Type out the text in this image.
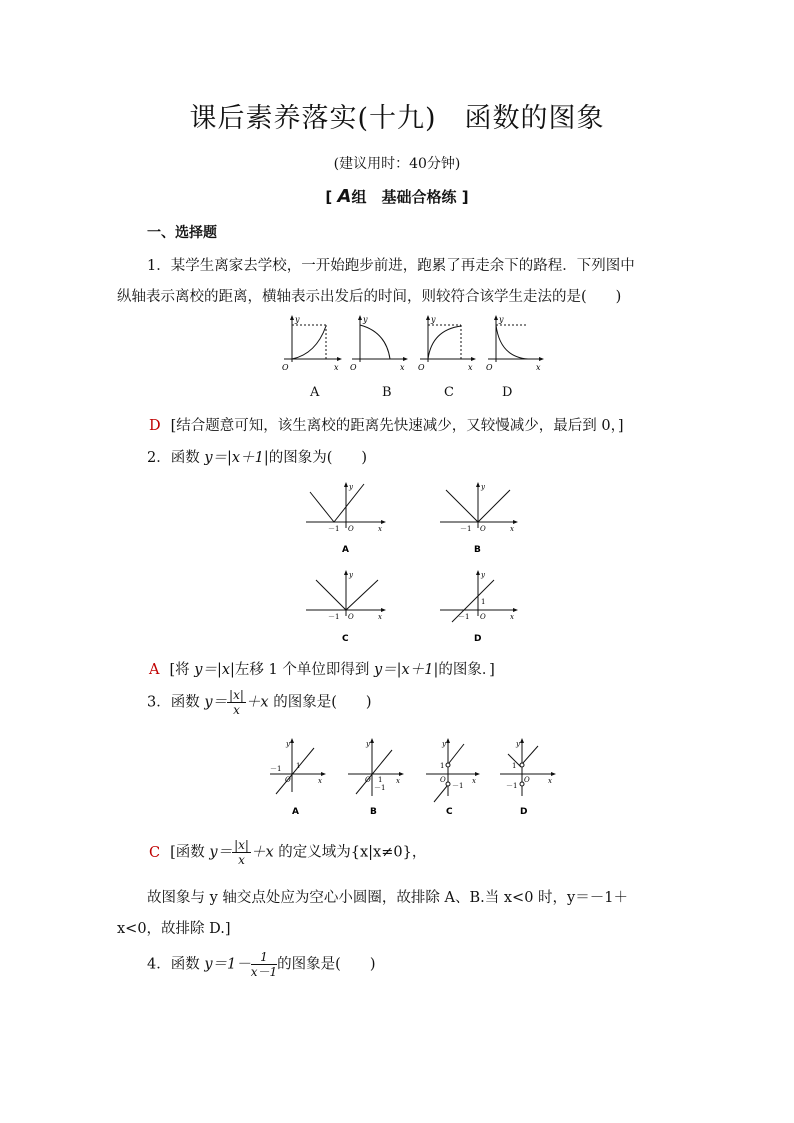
课后素养落实(十九)　函数的图象
(建议用时：40分钟)
[ A组　基础合格练 ]
一、选择题
1．某学生离家去学校，一开始跑步前进，跑累了再走余下的路程．下列图中
纵轴表示离校的距离，横轴表示出发后的时间，则较符合该学生走法的是(　　)
y
O	x
y
O	x
y
O	x
y
O	x
A	B	C	D
D [结合题意可知，该生离校的距离先快速减少，又较慢减少，最后到 0，]
2．函数 y＝|x＋1|的图象为(　　)
y
－1 O	x
A
y
－1 O	x
B
y
－1 O	x
C
y
1
－1 O	x
D
A [将 y＝|x|左移 1 个单位即得到 y＝|x＋1|的图象．]
3．函数 $y= \frac{|x|}{x} +x$ 的图象是(　　)
y
－1 1
O	x
A
y
O 1
－1
x
B
y
1
O
－1
x
C
y
1
O
－1
x
D
C [函数 $y= \frac{|x|}{x} +x$ 的定义域为{x|x≠0}，
故图象与 y 轴交点处应为空心小圆圈，故排除 A、B.当 x<0 时，y＝－1＋
x<0，故排除 D.]
4．函数 $y=1- \frac{1}{x-1}$ 的图象是(　　)
